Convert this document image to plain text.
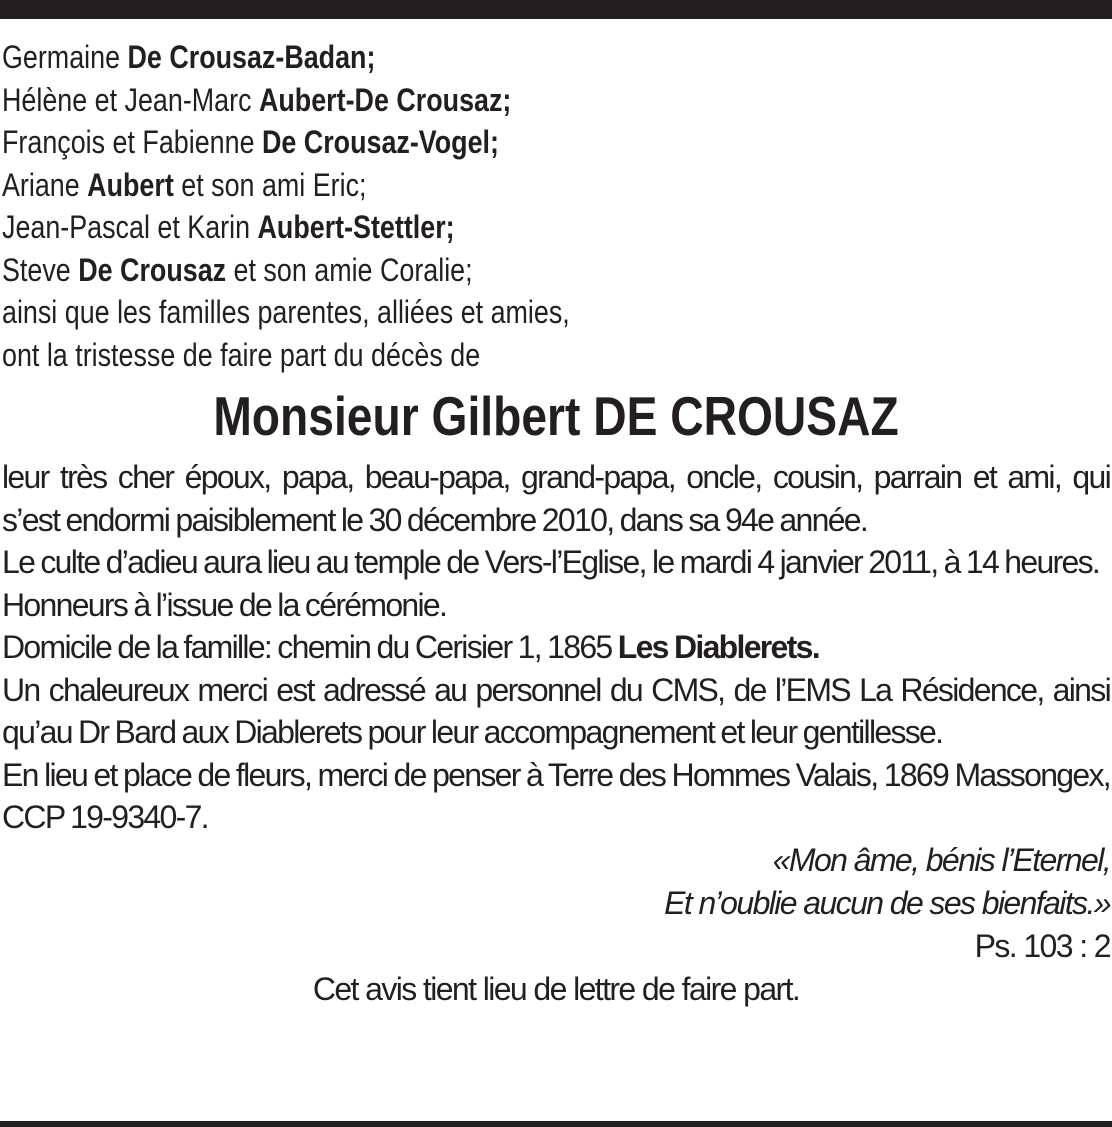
Germaine De Crousaz-Badan;
Hélène et Jean-Marc Aubert-De Crousaz;
François et Fabienne De Crousaz-Vogel;
Ariane Aubert et son ami Eric;
Jean-Pascal et Karin Aubert-Stettler;
Steve De Crousaz et son amie Coralie;
ainsi que les familles parentes, alliées et amies,
ont la tristesse de faire part du décès de
Monsieur Gilbert DE CROUSAZ
leur très cher époux, papa, beau-papa, grand-papa, oncle, cousin, parrain et ami, qui s’est endormi paisiblement le 30 décembre 2010, dans sa 94e année.
Le culte d’adieu aura lieu au temple de Vers-l’Eglise, le mardi 4 janvier 2011, à 14 heures.
Honneurs à l’issue de la cérémonie.
Domicile de la famille: chemin du Cerisier 1, 1865 Les Diablerets.
Un chaleureux merci est adressé au personnel du CMS, de l’EMS La Résidence, ainsi qu’au Dr Bard aux Diablerets pour leur accompagnement et leur gentillesse.
En lieu et place de fleurs, merci de penser à Terre des Hommes Valais, 1869 Massongex, CCP 19-9340-7.
«Mon âme, bénis l’Eternel,
Et n’oublie aucun de ses bienfaits.»
Ps. 103 : 2
Cet avis tient lieu de lettre de faire part.
